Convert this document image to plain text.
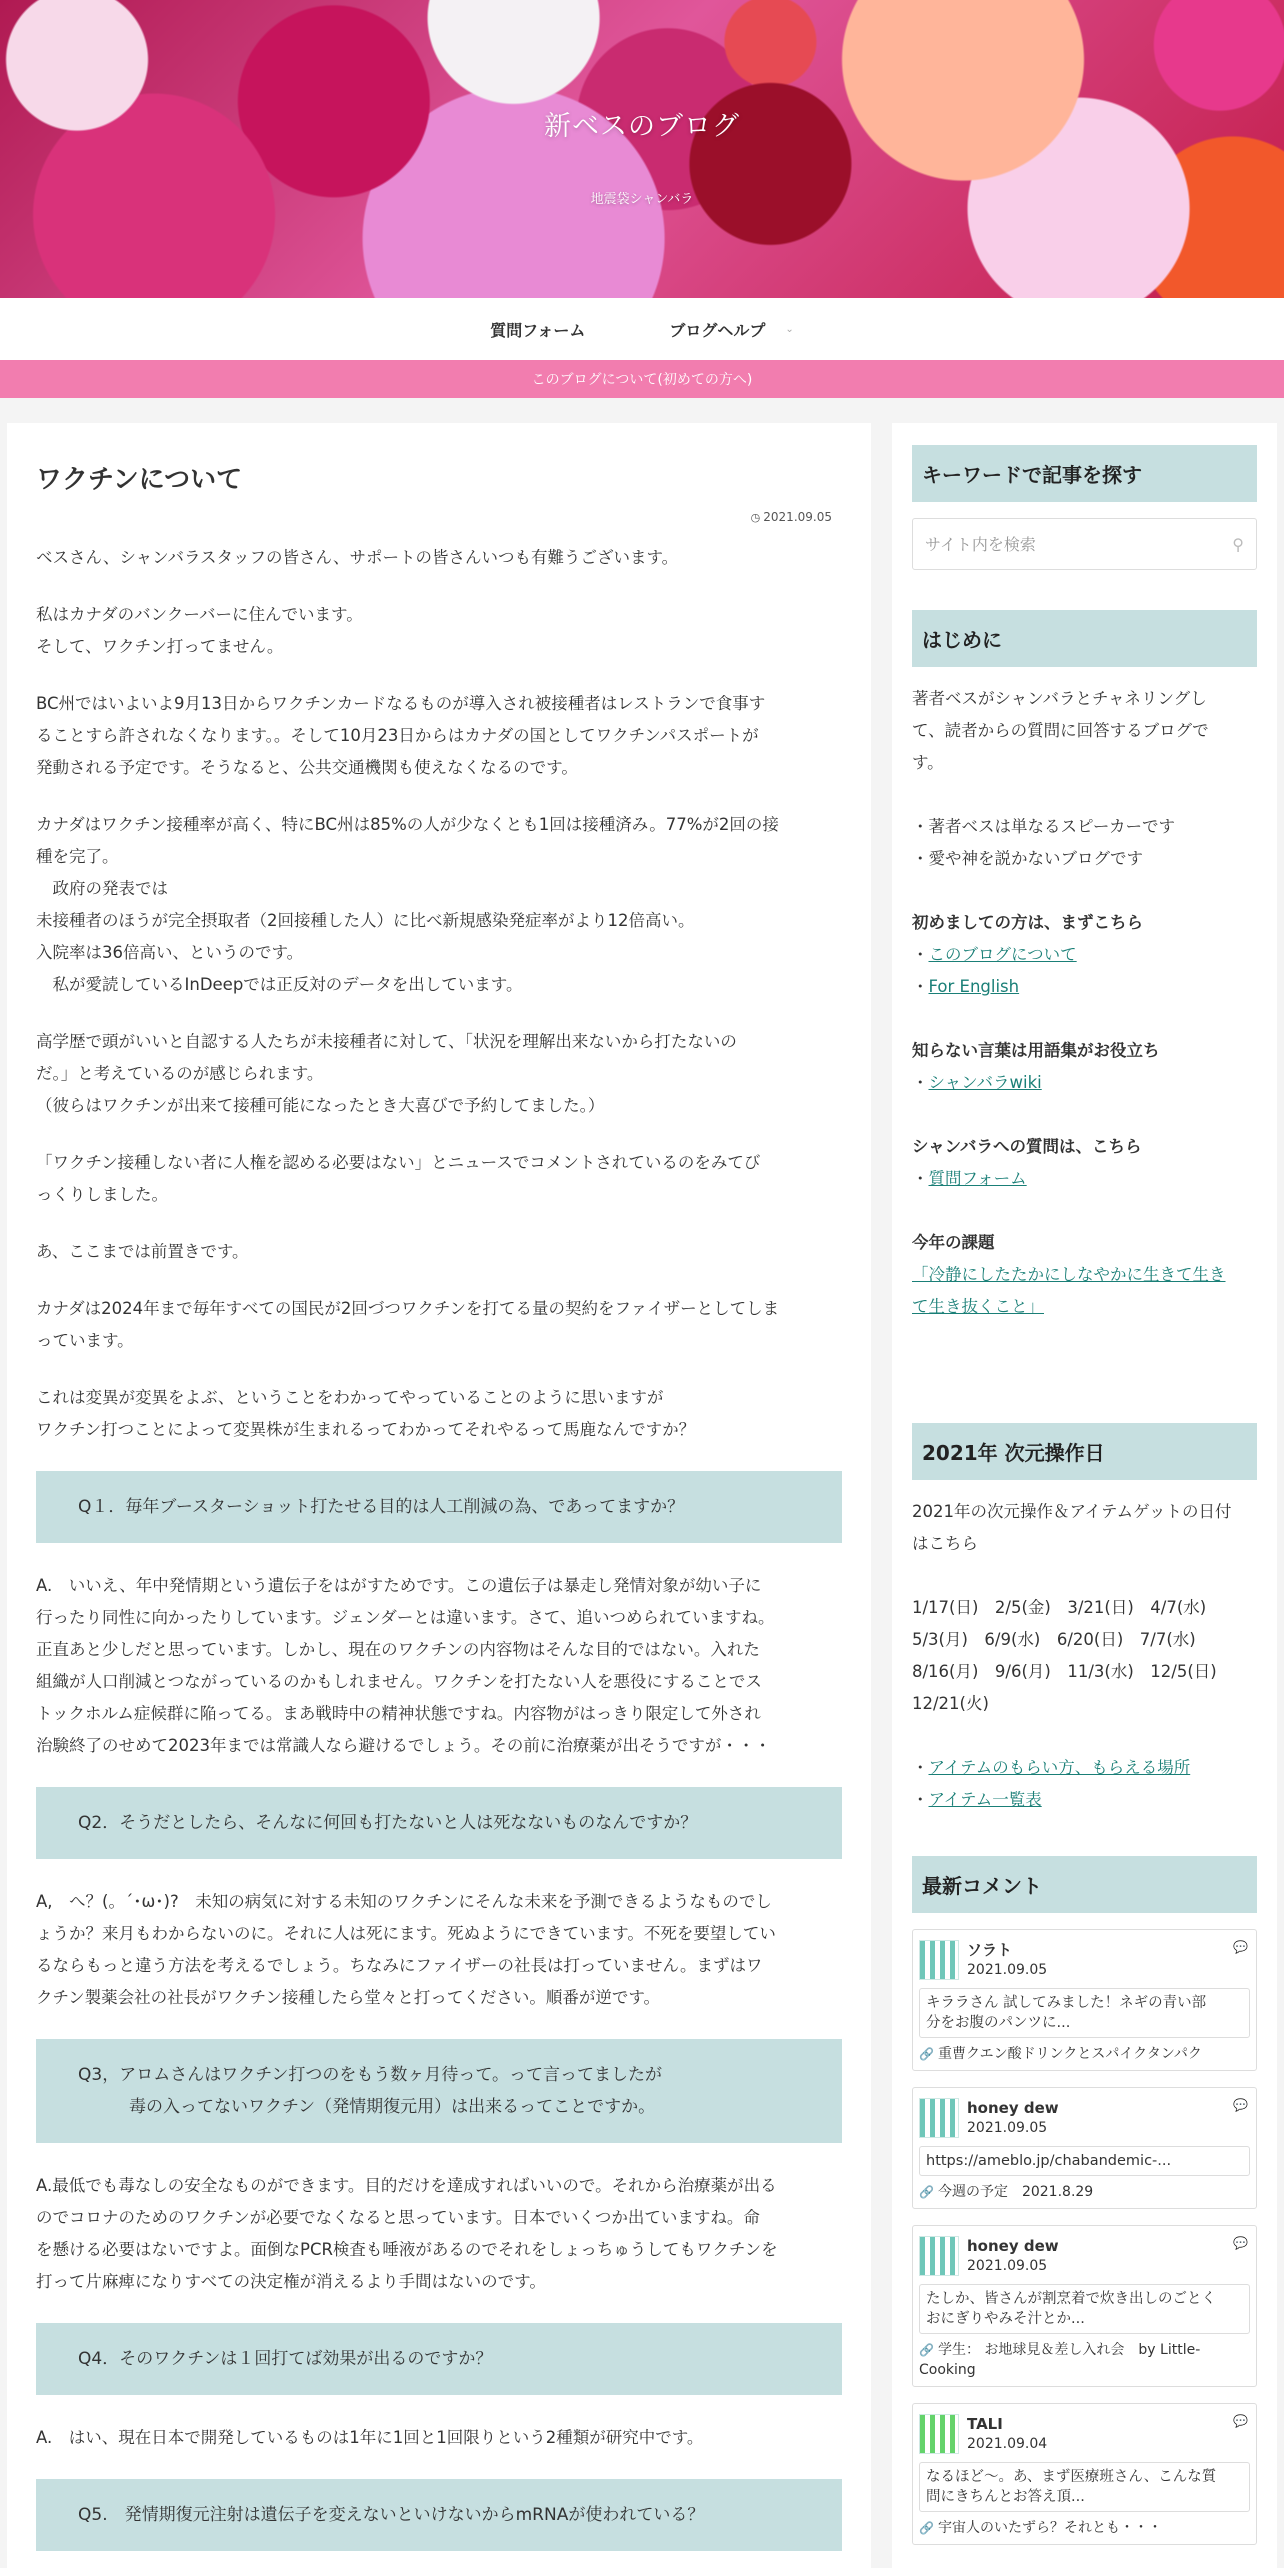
新ベスのブログ
地震袋シャンバラ
質問フォーム	ブログヘルプ ⌄
このブログについて(初めての方へ)
ワクチンについて
◷ 2021.09.05
ベスさん、シャンバラスタッフの皆さん、サポートの皆さんいつも有難うございます。
私はカナダのバンクーバーに住んでいます。
そして、ワクチン打ってません。
BC州ではいよいよ9月13日からワクチンカードなるものが導入され被接種者はレストランで食事す
ることすら許されなくなります。。そして10月23日からはカナダの国としてワクチンパスポートが
発動される予定です。そうなると、公共交通機関も使えなくなるのです。
カナダはワクチン接種率が高く、特にBC州は85%の人が少なくとも1回は接種済み。77%が2回の接
種を完了。
　政府の発表では
未接種者のほうが完全摂取者（2回接種した人）に比べ新規感染発症率がより12倍高い。
入院率は36倍高い、というのです。
　私が愛読しているInDeepでは正反対のデータを出しています。
高学歴で頭がいいと自認する人たちが未接種者に対して、「状況を理解出来ないから打たないの
だ。」と考えているのが感じられます。
（彼らはワクチンが出来て接種可能になったとき大喜びで予約してました。）
「ワクチン接種しない者に人権を認める必要はない」とニュースでコメントされているのをみてび
っくりしました。
あ、ここまでは前置きです。
カナダは2024年まで毎年すべての国民が2回づつワクチンを打てる量の契約をファイザーとしてしま
っています。
これは変異が変異をよぶ、ということをわかってやっていることのように思いますが
ワクチン打つことによって変異株が生まれるってわかってそれやるって馬鹿なんですか？
Q１．毎年ブースターショット打たせる目的は人工削減の為、であってますか？
A.　いいえ、年中発情期という遺伝子をはがすためです。この遺伝子は暴走し発情対象が幼い子に
行ったり同性に向かったりしています。ジェンダーとは違います。さて、追いつめられていますね。
正直あと少しだと思っています。しかし、現在のワクチンの内容物はそんな目的ではない。入れた
組織が人口削減とつながっているのかもしれません。ワクチンを打たない人を悪役にすることでス
トックホルム症候群に陥ってる。まあ戦時中の精神状態ですね。内容物がはっきり限定して外され
治験終了のせめて2023年までは常識人なら避けるでしょう。その前に治療薬が出そうですが・・・
Q2．そうだとしたら、そんなに何回も打たないと人は死なないものなんですか？
A,　へ？(。´･ω･)?　未知の病気に対する未知のワクチンにそんな未来を予測できるようなものでし
ょうか？来月もわからないのに。それに人は死にます。死ぬようにできています。不死を要望してい
るならもっと違う方法を考えるでしょう。ちなみにファイザーの社長は打っていません。まずはワ
クチン製薬会社の社長がワクチン接種したら堂々と打ってください。順番が逆です。
Q3，アロムさんはワクチン打つのをもう数ヶ月待って。って言ってましたが
　　　毒の入ってないワクチン（発情期復元用）は出来るってことですか。
A.最低でも毒なしの安全なものができます。目的だけを達成すればいいので。それから治療薬が出る
のでコロナのためのワクチンが必要でなくなると思っています。日本でいくつか出ていますね。命
を懸ける必要はないですよ。面倒なPCR検査も唾液があるのでそれをしょっちゅうしてもワクチンを
打って片麻痺になりすべての決定権が消えるより手間はないのです。
Q4．そのワクチンは１回打てば効果が出るのですか？
A.　はい、現在日本で開発しているものは1年に1回と1回限りという2種類が研究中です。
Q5.　発情期復元注射は遺伝子を変えないといけないからmRNAが使われている？
キーワードで記事を探す
サイト内を検索
⚲
はじめに
著者ベスがシャンバラとチャネリングし
て、読者からの質問に回答するブログで
す。
・著者ベスは単なるスピーカーです
・愛や神を説かないブログです
初めましての方は、まずこちら
・このブログについて
・For English
知らない言葉は用語集がお役立ち
・シャンバラwiki
シャンバラへの質問は、こちら
・質問フォーム
今年の課題
「冷静にしたたかにしなやかに生きて生き
て生き抜くこと」
2021年 次元操作日
2021年の次元操作＆アイテムゲットの日付
はこちら
1/17(日)　2/5(金)　3/21(日)　4/7(水)
5/3(月)　6/9(水)　6/20(日)　7/7(水)
8/16(月)　9/6(月)　11/3(水)　12/5(日)
12/21(火)
・アイテムのもらい方、もらえる場所
・アイテム一覧表
最新コメント
💬
ソラト
2021.09.05
キララさん 試してみました！ネギの青い部
分をお腹のパンツに...
🔗 重曹クエン酸ドリンクとスパイクタンパク
💬
honey dew
2021.09.05
https://ameblo.jp/chabandemic-...
🔗 今週の予定　2021.8.29
💬
honey dew
2021.09.05
たしか、皆さんが割烹着で炊き出しのごとく
おにぎりやみそ汁とか...
🔗 学生： お地球見＆差し入れ会　by Little-
Cooking
💬
TALI
2021.09.04
なるほど〜。あ、まず医療班さん、こんな質
問にきちんとお答え頂...
🔗 宇宙人のいたずら？それとも・・・
